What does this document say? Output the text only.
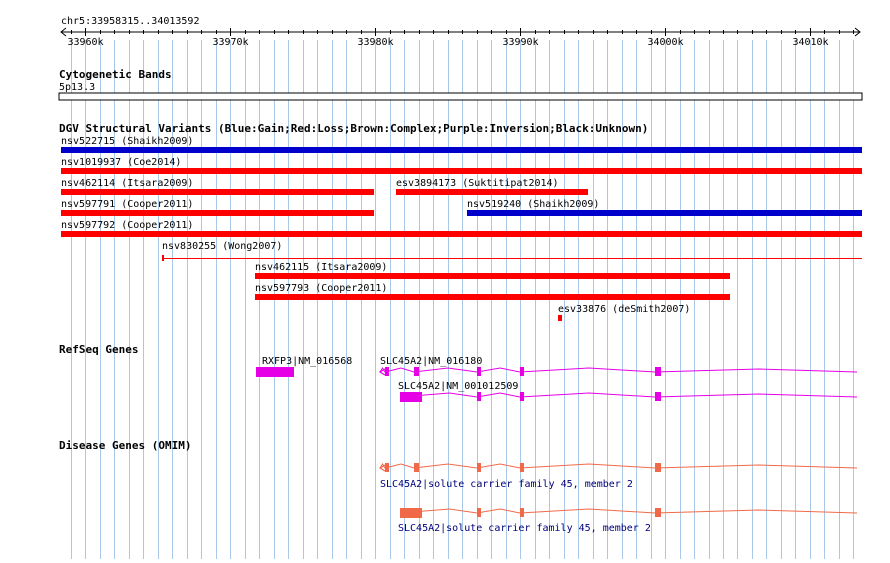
chr5:33958315..34013592
33960k	33970k	33980k	33990k	34000k	34010k
Cytogenetic Bands
5p13.3
DGV Structural Variants (Blue:Gain;Red:Loss;Brown:Complex;Purple:Inversion;Black:Unknown)
nsv522715 (Shaikh2009)
nsv1019937 (Coe2014)
nsv462114 (Itsara2009)	esv3894173 (Suktitipat2014)
nsv597791 (Cooper2011)	nsv519240 (Shaikh2009)
nsv597792 (Cooper2011)
nsv830255 (Wong2007)
nsv462115 (Itsara2009)
nsv597793 (Cooper2011)
esv33876 (deSmith2007)
RefSeq Genes
RXFP3|NM_016568	SLC45A2|NM_016180
SLC45A2|NM_001012509
Disease Genes (OMIM)
SLC45A2|solute carrier family 45, member 2
SLC45A2|solute carrier family 45, member 2
